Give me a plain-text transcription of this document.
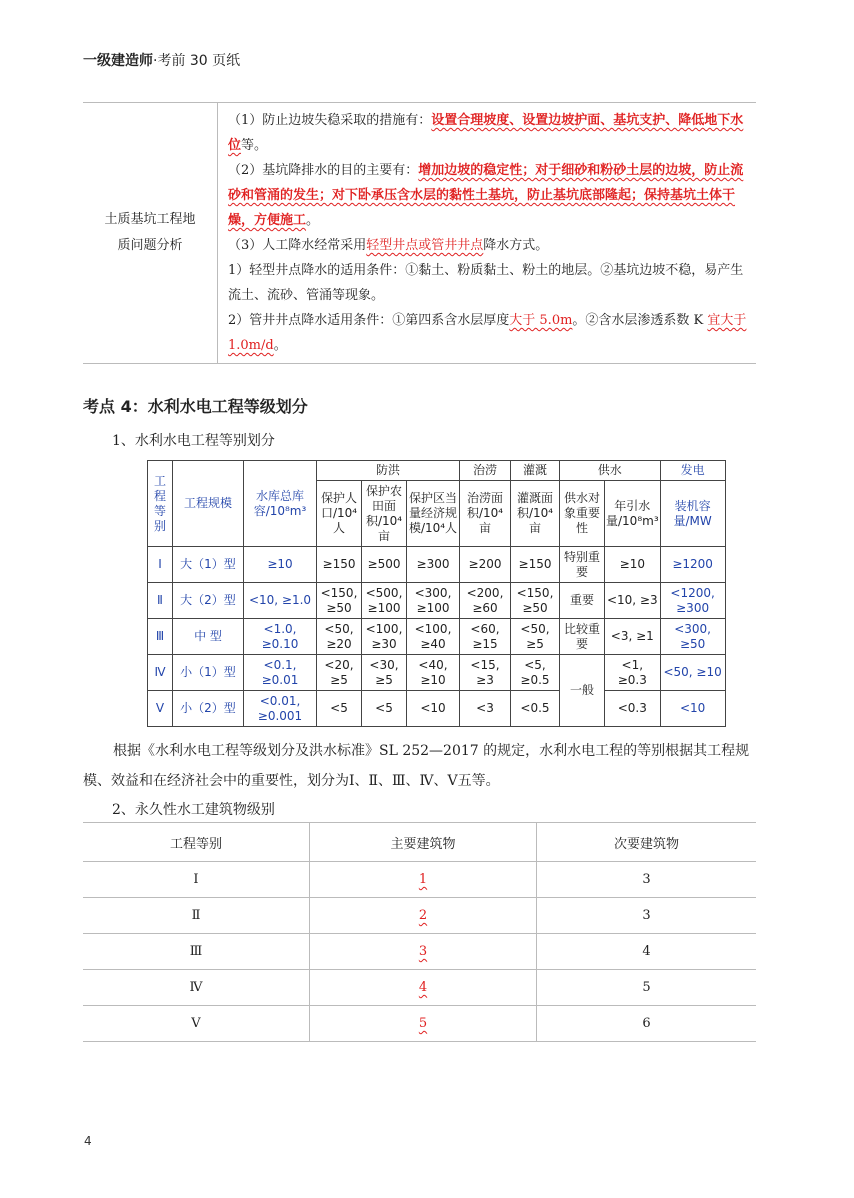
一级建造师·考前 30 页纸
土质基坑工程地
质问题分析

（1）防止边坡失稳采取的措施有：设置合理坡度、设置边坡护面、基坑支护、降低地下水位等。
（2）基坑降排水的目的主要有：增加边坡的稳定性；对于细砂和粉砂土层的边坡，防止流砂和管涌的发生；对下卧承压含水层的黏性土基坑，防止基坑底部隆起；保持基坑土体干燥，方便施工。
（3）人工降水经常采用轻型井点或管井井点降水方式。
1）轻型井点降水的适用条件：①黏土、粉质黏土、粉土的地层。②基坑边坡不稳，易产生流土、流砂、管涌等现象。
2）管井井点降水适用条件：①第四系含水层厚度大于 5.0m。②含水层渗透系数 K 宜大于 1.0m/d。
考点 4：水利水电工程等级划分
1、水利水电工程等别划分
工程等别	工程规模	水库总库容/10⁸m³	防洪			治涝	灌溉	供水		发电
			保护人口/10⁴人	保护农田面积/10⁴亩	保护区当量经济规模/10⁴人	治涝面积/10⁴亩	灌溉面积/10⁴亩	供水对象重要性	年引水量/10⁸m³	装机容量/MW
Ⅰ	大（1）型	≥10	≥150	≥500	≥300	≥200	≥150	特别重要	≥10	≥1200
Ⅱ	大（2）型	<10, ≥1.0	<150, ≥50	<500, ≥100	<300, ≥100	<200, ≥60	<150, ≥50	重要	<10, ≥3	<1200, ≥300
Ⅲ	中 型	<1.0, ≥0.10	<50, ≥20	<100, ≥30	<100, ≥40	<60, ≥15	<50, ≥5	比较重要	<3, ≥1	<300, ≥50
Ⅳ	小（1）型	<0.1, ≥0.01	<20, ≥5	<30, ≥5	<40, ≥10	<15, ≥3	<5, ≥0.5	一般	<1, ≥0.3	<50, ≥10
Ⅴ	小（2）型	<0.01, ≥0.001	<5	<5	<10	<3	<0.5		<0.3	<10
根据《水利水电工程等级划分及洪水标准》SL 252—2017 的规定，水利水电工程的等别根据其工程规模、效益和在经济社会中的重要性，划分为Ⅰ、Ⅱ、Ⅲ、Ⅳ、Ⅴ五等。
2、永久性水工建筑物级别
工程等别	主要建筑物	次要建筑物
Ⅰ	1	3
Ⅱ	2	3
Ⅲ	3	4
Ⅳ	4	5
Ⅴ	5	6
4
